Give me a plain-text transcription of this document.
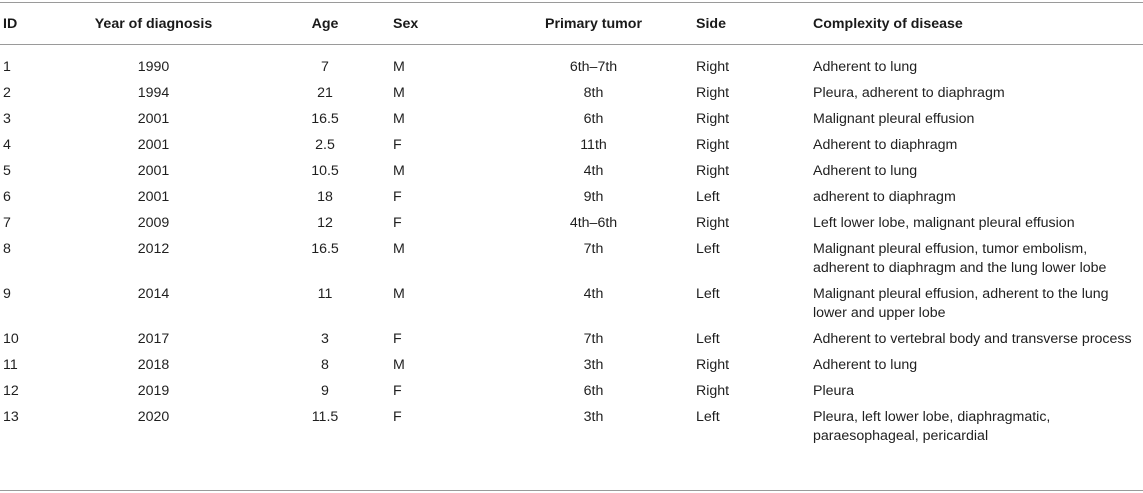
ID	Year of diagnosis	Age	Sex	Primary tumor	Side	Complexity of disease
1	1990	7	M	6th–7th	Right	Adherent to lung
2	1994	21	M	8th	Right	Pleura, adherent to diaphragm
3	2001	16.5	M	6th	Right	Malignant pleural effusion
4	2001	2.5	F	11th	Right	Adherent to diaphragm
5	2001	10.5	M	4th	Right	Adherent to lung
6	2001	18	F	9th	Left	adherent to diaphragm
7	2009	12	F	4th–6th	Right	Left lower lobe, malignant pleural effusion
8	2012	16.5	M	7th	Left	Malignant pleural effusion, tumor embolism, adherent to diaphragm and the lung lower lobe
9	2014	11	M	4th	Left	Malignant pleural effusion, adherent to the lung lower and upper lobe
10	2017	3	F	7th	Left	Adherent to vertebral body and transverse process
11	2018	8	M	3th	Right	Adherent to lung
12	2019	9	F	6th	Right	Pleura
13	2020	11.5	F	3th	Left	Pleura, left lower lobe, diaphragmatic, paraesophageal, pericardial
